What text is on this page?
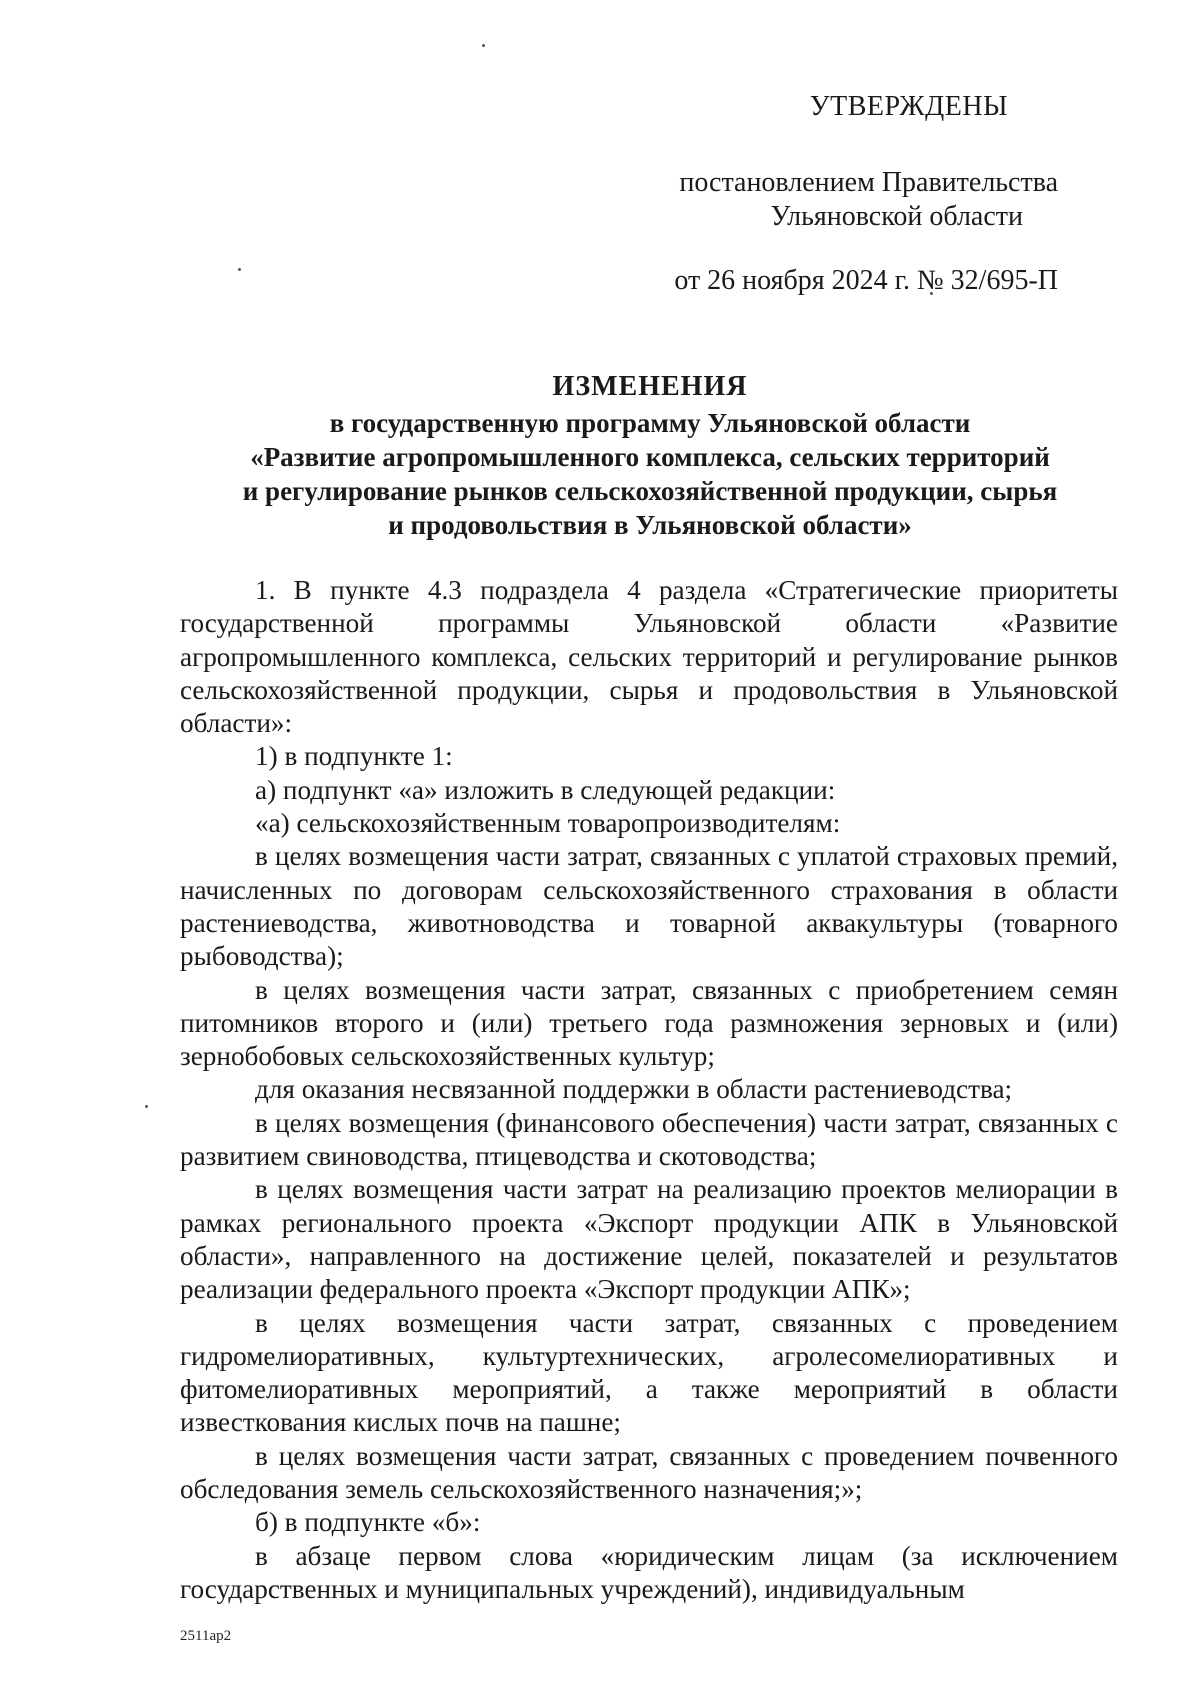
УТВЕРЖДЕНЫ
постановлением Правительства
Ульяновской области
от 26 ноября 2024 г. № 32/695-П
ИЗМЕНЕНИЯ
в государственную программу Ульяновской области
«Развитие агропромышленного комплекса, сельских территорий
и регулирование рынков сельскохозяйственной продукции, сырья
и продовольствия в Ульяновской области»

1. В пункте 4.3 подраздела 4 раздела «Стратегические приоритеты государственной программы Ульяновской области «Развитие агропромышленного комплекса, сельских территорий и регулирование рынков сельскохозяйственной продукции, сырья и продовольствия в Ульяновской области»:

1) в подпункте 1:

а) подпункт «а» изложить в следующей редакции:

«а) сельскохозяйственным товаропроизводителям:

в целях возмещения части затрат, связанных с уплатой страховых премий, начисленных по договорам сельскохозяйственного страхования в области растениеводства, животноводства и товарной аквакультуры (товарного рыбоводства);

в целях возмещения части затрат, связанных с приобретением семян питомников второго и (или) третьего года размножения зерновых и (или) зернобобовых сельскохозяйственных культур;

для оказания несвязанной поддержки в области растениеводства;

в целях возмещения (финансового обеспечения) части затрат, связанных с развитием свиноводства, птицеводства и скотоводства;

в целях возмещения части затрат на реализацию проектов мелиорации в рамках регионального проекта «Экспорт продукции АПК в Ульяновской области», направленного на достижение целей, показателей и результатов реализации федерального проекта «Экспорт продукции АПК»;

в целях возмещения части затрат, связанных с проведением гидромелиоративных, культуртехнических, агролесомелиоративных и фитомелиоративных мероприятий, а также мероприятий в области известкования кислых почв на пашне;

в целях возмещения части затрат, связанных с проведением почвенного обследования земель сельскохозяйственного назначения;»;

б) в подпункте «б»:

в абзаце первом слова «юридическим лицам (за исключением государственных и муниципальных учреждений), индивидуальным

2511ap2
